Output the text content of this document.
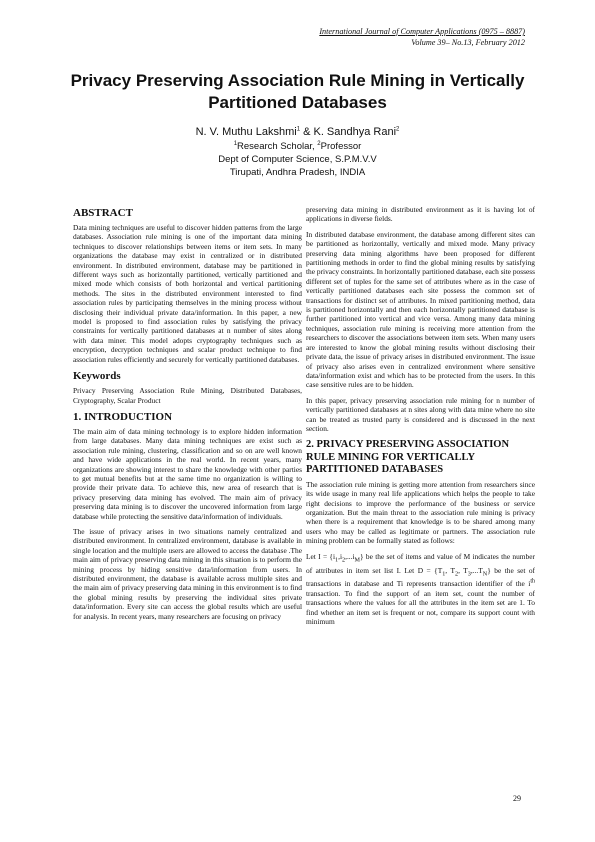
International Journal of Computer Applications (0975 – 8887)
Volume 39– No.13, February 2012
Privacy Preserving Association Rule Mining in Vertically Partitioned Databases
N. V. Muthu Lakshmi$^1$ & K. Sandhya Rani$^2$
$^1$Research Scholar, $^2$Professor
Dept of Computer Science, S.P.M.V.V
Tirupati, Andhra Pradesh, INDIA
ABSTRACT

Data mining techniques are useful to discover hidden patterns from the large databases. Association rule mining is one of the important data mining techniques to discover relationships between items or item sets. In many organizations the database may exist in centralized or in distributed environment. In distributed environment, database may be partitioned in different ways such as horizontally partitioned, vertically partitioned and mixed mode which consists of both horizontal and vertical partitioning methods. The sites in the distributed environment interested to find association rules by participating themselves in the mining process without disclosing their individual private data/information. In this paper, a new model is proposed to find association rules by satisfying the privacy constraints for vertically partitioned databases at n number of sites along with data miner. This model adopts cryptography techniques such as encryption, decryption techniques and scalar product technique to find association rules efficiently and securely for vertically partitioned databases.

Keywords

Privacy Preserving Association Rule Mining, Distributed Databases, Cryptography, Scalar Product

1. INTRODUCTION

The main aim of data mining technology is to explore hidden information from large databases. Many data mining techniques are exist such as association rule mining, clustering, classification and so on are well known and have wide applications in the real world. In recent years, many organizations are showing interest to share the knowledge with other parties to get mutual benefits but at the same time no organization is willing to provide their private data. To achieve this, new area of research that is privacy preserving data mining has evolved. The main aim of privacy preserving data mining is to discover the uncovered information from large database while protecting the sensitive data/information of individuals.

The issue of privacy arises in two situations namely centralized and distributed environment. In centralized environment, database is available in single location and the multiple users are allowed to access the database .The main aim of privacy preserving data mining in this situation is to perform the mining process by hiding sensitive data/information from users. In distributed environment, the database is available across multiple sites and the main aim of privacy preserving data mining in this environment is to find the global mining results by preserving the individual sites private data/information. Every site can access the global results which are useful for analysis. In recent years, many researchers are focusing on privacy

preserving data mining in distributed environment as it is having lot of applications in diverse fields.

In distributed database environment, the database among different sites can be partitioned as horizontally, vertically and mixed mode. Many privacy preserving data mining algorithms have been proposed for different partitioning methods in order to find the global mining results by satisfying the privacy constraints. In horizontally partitioned database, each site possess different set of tuples for the same set of attributes where as in the case of vertically partitioned databases each site possess the common set of transactions for distinct set of attributes. In mixed partitioning method, data is partitioned horizontally and then each horizontally partitioned database is further partitioned into vertical and vice versa. Among many data mining techniques, association rule mining is receiving more attention from the researchers to discover the associations between item sets. When many users are interested to know the global mining results without disclosing their private data, the issue of privacy arises in distributed environment. The issue of privacy also arises even in centralized environment where sensitive data/information exist and which has to be protected from the users. In this case sensitive rules are to be hidden.

In this paper, privacy preserving association rule mining for n number of vertically partitioned databases at n sites along with data mine where no site can be treated as trusted party is considered and is discussed in the next section.

2. PRIVACY PRESERVING ASSOCIATION RULE MINING FOR VERTICALLY PARTITIONED DATABASES

The association rule mining is getting more attention from researchers since its wide usage in many real life applications which helps the people to take right decisions to improve the performance of the business or service organization. But the main threat to the association rule mining is privacy when there is a requirement that knowledge is to be shared among many users who may be called as legitimate or partners. The association rule mining problem can be formally stated as follows:

Let $I = \{i_1,i_2,...i_M\}$ be the set of items and value of M indicates the number of attributes in item set list I. Let $D = \{T_1$, $T_2$, $T_3,...T_N$} be the set of transactions in database and Ti represents transaction identifier of the $i^{th}$ transaction. To find the support of an item set, count the number of transactions where the values for all the attributes in the item set are 1. To find whether an item set is frequent or not, compare its support count with minimum

29
